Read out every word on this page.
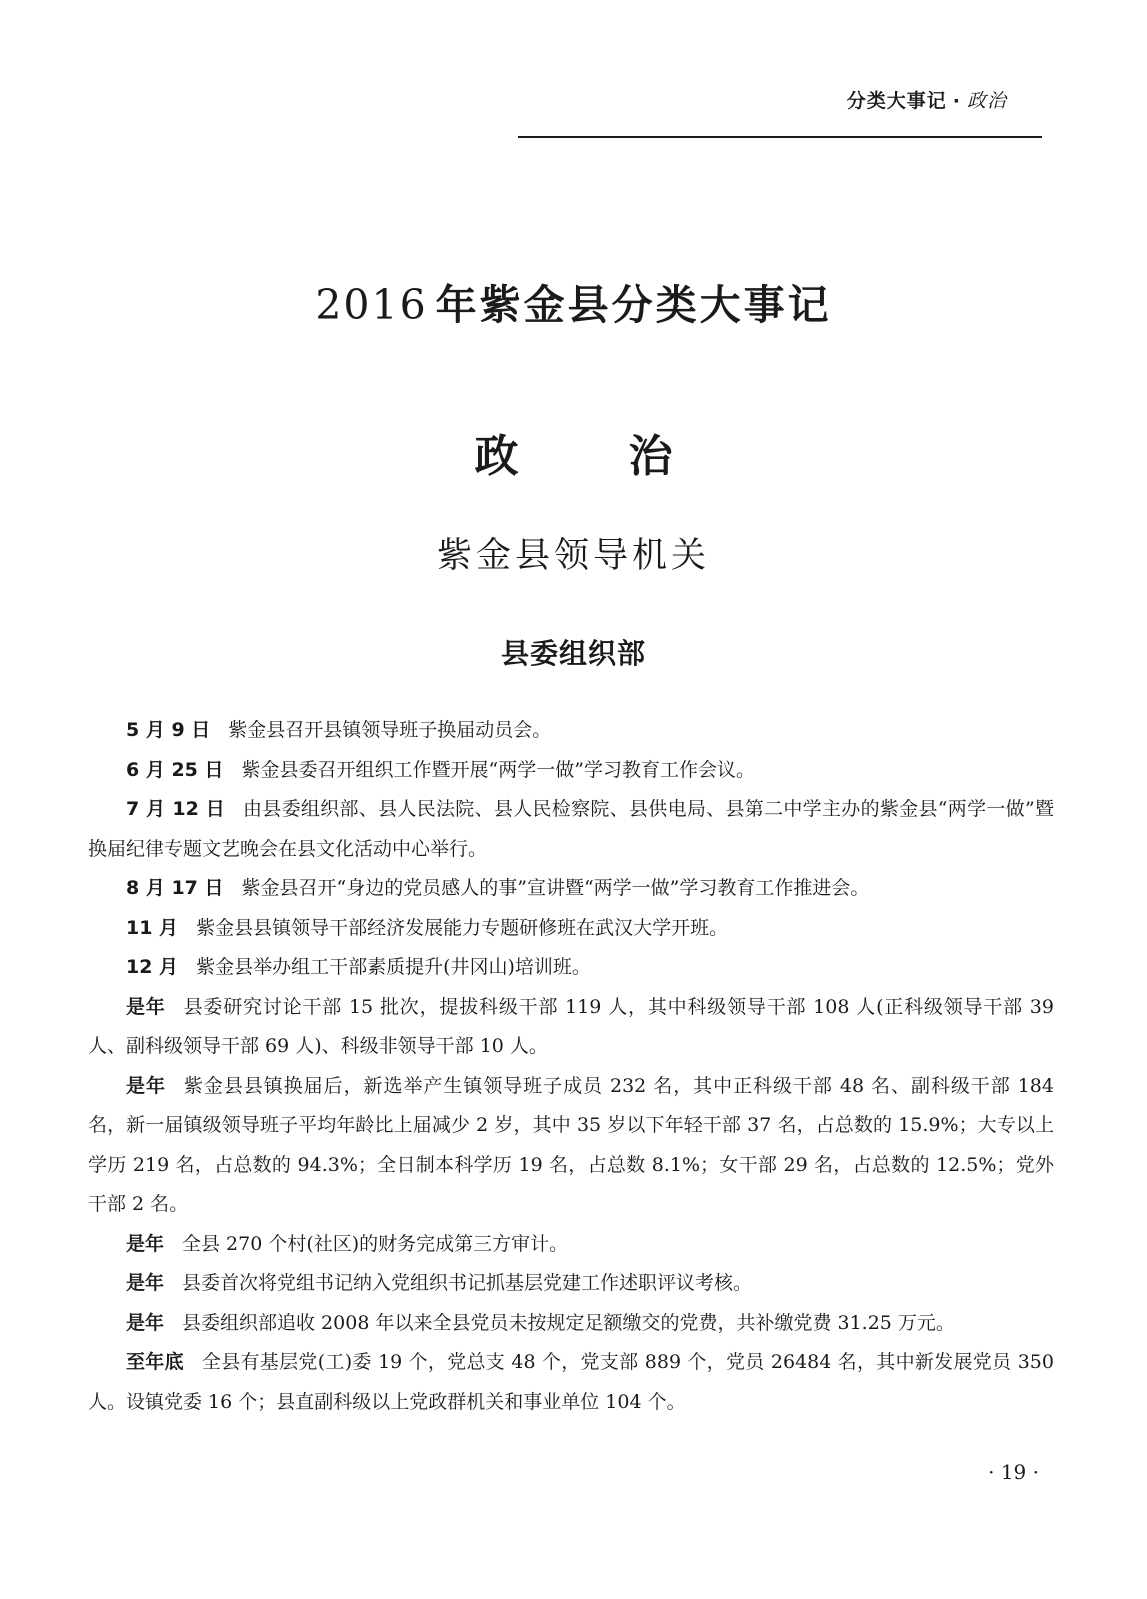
分类大事记 · 政治
2016 年紫金县分类大事记
政治
紫金县领导机关
县委组织部

5 月 9 日 紫金县召开县镇领导班子换届动员会。

6 月 25 日 紫金县委召开组织工作暨开展“两学一做”学习教育工作会议。

7 月 12 日 由县委组织部、县人民法院、县人民检察院、县供电局、县第二中学主办的紫金县“两学一做”暨换届纪律专题文艺晚会在县文化活动中心举行。

8 月 17 日 紫金县召开“身边的党员感人的事”宣讲暨“两学一做”学习教育工作推进会。

11 月 紫金县县镇领导干部经济发展能力专题研修班在武汉大学开班。

12 月 紫金县举办组工干部素质提升(井冈山)培训班。

是年 县委研究讨论干部 15 批次，提拔科级干部 119 人，其中科级领导干部 108 人(正科级领导干部 39 人、副科级领导干部 69 人)、科级非领导干部 10 人。

是年 紫金县县镇换届后，新选举产生镇领导班子成员 232 名，其中正科级干部 48 名、副科级干部 184 名，新一届镇级领导班子平均年龄比上届减少 2 岁，其中 35 岁以下年轻干部 37 名，占总数的 15.9%；大专以上学历 219 名，占总数的 94.3%；全日制本科学历 19 名，占总数 8.1%；女干部 29 名，占总数的 12.5%；党外干部 2 名。

是年 全县 270 个村(社区)的财务完成第三方审计。

是年 县委首次将党组书记纳入党组织书记抓基层党建工作述职评议考核。

是年 县委组织部追收 2008 年以来全县党员未按规定足额缴交的党费，共补缴党费 31.25 万元。

至年底 全县有基层党(工)委 19 个，党总支 48 个，党支部 889 个，党员 26484 名，其中新发展党员 350 人。设镇党委 16 个；县直副科级以上党政群机关和事业单位 104 个。

· 19 ·
